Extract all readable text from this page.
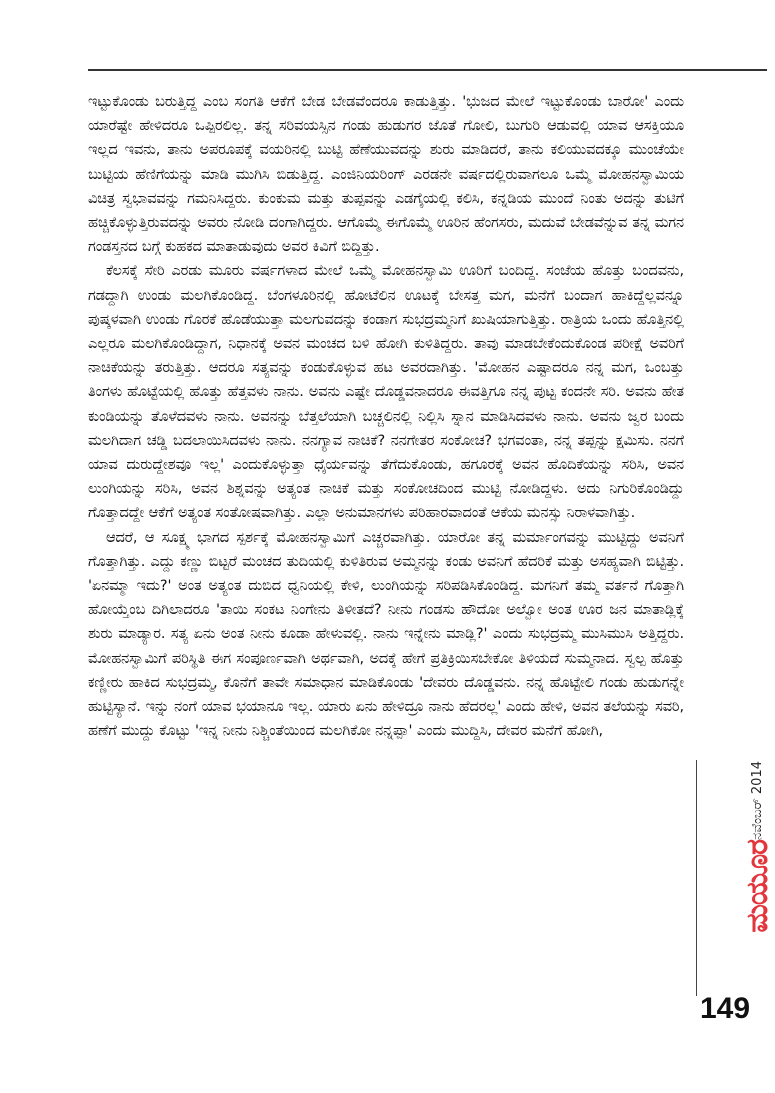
ಇಟ್ಟುಕೊಂಡು ಬರುತ್ತಿದ್ದ ಎಂಬ ಸಂಗತಿ ಆಕೆಗೆ ಬೇಡ ಬೇಡವೆಂದರೂ ಕಾಡುತ್ತಿತ್ತು. 'ಭುಜದ ಮೇಲೆ ಇಟ್ಟುಕೊಂಡು ಬಾರೋ' ಎಂದು ಯಾರೆಷ್ಟೇ ಹೇಳಿದರೂ ಒಪ್ಪಿರಲಿಲ್ಲ. ತನ್ನ ಸರಿವಯಸ್ಸಿನ ಗಂಡು ಹುಡುಗರ ಜೊತೆ ಗೋಲಿ, ಬುಗುರಿ ಆಡುವಲ್ಲಿ ಯಾವ ಆಸಕ್ತಿಯೂ ಇಲ್ಲದ ಇವನು, ತಾನು ಅಪರೂಪಕ್ಕೆ ವಯರಿನಲ್ಲಿ ಬುಟ್ಟಿ ಹೆಣೆಯುವದನ್ನು ಶುರು ಮಾಡಿದರೆ, ತಾನು ಕಲಿಯುವದಕ್ಕೂ ಮುಂಚೆಯೇ ಬುಟ್ಟಿಯ ಹೆಣಿಗೆಯನ್ನು ಮಾಡಿ ಮುಗಿಸಿ ಬಿಡುತ್ತಿದ್ದ. ಎಂಜಿನಿಯರಿಂಗ್ ಎರಡನೇ ವರ್ಷದಲ್ಲಿರುವಾಗಲೂ ಒಮ್ಮೆ ಮೋಹನಸ್ವಾಮಿಯ ವಿಚಿತ್ರ ಸ್ವಭಾವವನ್ನು ಗಮನಿಸಿದ್ದರು. ಕುಂಕುಮ ಮತ್ತು ತುಪ್ಪವನ್ನು ಎಡಗೈಯಲ್ಲಿ ಕಲಿಸಿ, ಕನ್ನಡಿಯ ಮುಂದೆ ನಿಂತು ಅದನ್ನು ತುಟಿಗೆ ಹಚ್ಚಿಕೊಳ್ಳುತ್ತಿರುವದನ್ನು ಅವರು ನೋಡಿ ದಂಗಾಗಿದ್ದರು. ಆಗೊಮ್ಮೆ ಈಗೊಮ್ಮೆ ಊರಿನ ಹೆಂಗಸರು, ಮದುವೆ ಬೇಡವೆನ್ನುವ ತನ್ನ ಮಗನ ಗಂಡಸ್ತನದ ಬಗ್ಗೆ ಕುಹಕದ ಮಾತಾಡುವುದು ಅವರ ಕಿವಿಗೆ ಬಿದ್ದಿತ್ತು.

ಕೆಲಸಕ್ಕೆ ಸೇರಿ ಎರಡು ಮೂರು ವರ್ಷಗಳಾದ ಮೇಲೆ ಒಮ್ಮೆ ಮೋಹನಸ್ವಾಮಿ ಊರಿಗೆ ಬಂದಿದ್ದ. ಸಂಜೆಯ ಹೊತ್ತು ಬಂದವನು, ಗಡದ್ದಾಗಿ ಉಂಡು ಮಲಗಿಕೊಂಡಿದ್ದ. ಬೆಂಗಳೂರಿನಲ್ಲಿ ಹೋಟೆಲಿನ ಊಟಕ್ಕೆ ಬೇಸತ್ತ ಮಗ, ಮನೆಗೆ ಬಂದಾಗ ಹಾಕಿದ್ದೆಲ್ಲವನ್ನೂ ಪುಷ್ಕಳವಾಗಿ ಉಂಡು ಗೊರಕೆ ಹೊಡೆಯುತ್ತಾ ಮಲಗುವದನ್ನು ಕಂಡಾಗ ಸುಭದ್ರಮ್ಮನಿಗೆ ಖುಷಿಯಾಗುತ್ತಿತ್ತು. ರಾತ್ರಿಯ ಒಂದು ಹೊತ್ತಿನಲ್ಲಿ ಎಲ್ಲರೂ ಮಲಗಿಕೊಂಡಿದ್ದಾಗ, ನಿಧಾನಕ್ಕೆ ಅವನ ಮಂಚದ ಬಳಿ ಹೋಗಿ ಕುಳಿತಿದ್ದರು. ತಾವು ಮಾಡಬೇಕೆಂದುಕೊಂಡ ಪರೀಕ್ಷೆ ಅವರಿಗೆ ನಾಚಿಕೆಯನ್ನು ತರುತ್ತಿತ್ತು. ಆದರೂ ಸತ್ಯವನ್ನು ಕಂಡುಕೊಳ್ಳುವ ಹಟ ಅವರದಾಗಿತ್ತು. 'ಮೋಹನ ಎಷ್ಟಾದರೂ ನನ್ನ ಮಗ, ಒಂಬತ್ತು ತಿಂಗಳು ಹೊಟ್ಟೆಯಲ್ಲಿ ಹೊತ್ತು ಹೆತ್ತವಳು ನಾನು. ಅವನು ಎಷ್ಟೇ ದೊಡ್ಡವನಾದರೂ ಈವತ್ತಿಗೂ ನನ್ನ ಪುಟ್ಟ ಕಂದನೇ ಸರಿ. ಅವನು ಹೇತ ಕುಂಡಿಯನ್ನು ತೊಳೆದವಳು ನಾನು. ಅವನನ್ನು ಬೆತ್ತಲೆಯಾಗಿ ಬಚ್ಚಲಿನಲ್ಲಿ ನಿಲ್ಲಿಸಿ ಸ್ನಾನ ಮಾಡಿಸಿದವಳು ನಾನು. ಅವನು ಜ್ವರ ಬಂದು ಮಲಗಿದಾಗ ಚಡ್ಡಿ ಬದಲಾಯಿಸಿದವಳು ನಾನು. ನನಗ್ಯಾವ ನಾಚಿಕೆ? ನನಗೇತರ ಸಂಕೋಚ? ಭಗವಂತಾ, ನನ್ನ ತಪ್ಪನ್ನು ಕ್ಷಮಿಸು. ನನಗೆ ಯಾವ ದುರುದ್ದೇಶವೂ ಇಲ್ಲ' ಎಂದುಕೊಳ್ಳುತ್ತಾ ಧೈರ್ಯವನ್ನು ತೆಗೆದುಕೊಂಡು, ಹಗೂರಕ್ಕೆ ಅವನ ಹೊದಿಕೆಯನ್ನು ಸರಿಸಿ, ಅವನ ಲುಂಗಿಯನ್ನು ಸರಿಸಿ, ಅವನ ಶಿಶ್ನವನ್ನು ಅತ್ಯಂತ ನಾಚಿಕೆ ಮತ್ತು ಸಂಕೋಚದಿಂದ ಮುಟ್ಟಿ ನೋಡಿದ್ದಳು. ಅದು ನಿಗುರಿಕೊಂಡಿದ್ದು ಗೊತ್ತಾದದ್ದೇ ಆಕೆಗೆ ಅತ್ಯಂತ ಸಂತೋಷವಾಗಿತ್ತು. ಎಲ್ಲಾ ಅನುಮಾನಗಳು ಪರಿಹಾರವಾದಂತೆ ಆಕೆಯ ಮನಸ್ಸು ನಿರಾಳವಾಗಿತ್ತು.

ಆದರೆ, ಆ ಸೂಕ್ಷ್ಮ ಭಾಗದ ಸ್ಪರ್ಶಕ್ಕೆ ಮೋಹನಸ್ವಾಮಿಗೆ ಎಚ್ಚರವಾಗಿತ್ತು. ಯಾರೋ ತನ್ನ ಮರ್ಮಾಂಗವನ್ನು ಮುಟ್ಟಿದ್ದು ಅವನಿಗೆ ಗೊತ್ತಾಗಿತ್ತು. ಎದ್ದು ಕಣ್ಣು ಬಿಟ್ಟರೆ ಮಂಚದ ತುದಿಯಲ್ಲಿ ಕುಳಿತಿರುವ ಅಮ್ಮನನ್ನು ಕಂಡು ಅವನಿಗೆ ಹೆದರಿಕೆ ಮತ್ತು ಅಸಹ್ಯವಾಗಿ ಬಿಟ್ಟಿತ್ತು. 'ಏನಮ್ಮಾ ಇದು?' ಅಂತ ಅತ್ಯಂತ ದುಬಿದ ಧ್ವನಿಯಲ್ಲಿ ಕೇಳಿ, ಲುಂಗಿಯನ್ನು ಸರಿಪಡಿಸಿಕೊಂಡಿದ್ದ. ಮಗನಿಗೆ ತಮ್ಮ ವರ್ತನೆ ಗೊತ್ತಾಗಿ ಹೋಯ್ತೆಂಬ ದಿಗಿಲಾದರೂ 'ತಾಯಿ ಸಂಕಟ ನಿಂಗೇನು ತಿಳೀತದೆ? ನೀನು ಗಂಡಸು ಹೌದೋ ಅಲ್ವೋ ಅಂತ ಊರ ಜನ ಮಾತಾಡ್ಲಿಕ್ಕೆ ಶುರು ಮಾಡ್ಯಾರ. ಸತ್ಯ ಏನು ಅಂತ ನೀನು ಕೂಡಾ ಹೇಳುವಲ್ಲಿ. ನಾನು ಇನ್ನೇನು ಮಾಡ್ಲಿ?' ಎಂದು ಸುಭದ್ರಮ್ಮ ಮುಸಿಮುಸಿ ಅತ್ತಿದ್ದರು. ಮೋಹನಸ್ವಾಮಿಗೆ ಪರಿಸ್ಥಿತಿ ಈಗ ಸಂಪೂರ್ಣವಾಗಿ ಅರ್ಥವಾಗಿ, ಅದಕ್ಕೆ ಹೇಗೆ ಪ್ರತಿಕ್ರಿಯಿಸಬೇಕೋ ತಿಳಿಯದೆ ಸುಮ್ಮನಾದ. ಸ್ವಲ್ಪ ಹೊತ್ತು ಕಣ್ಣೀರು ಹಾಕಿದ ಸುಭದ್ರಮ್ಮ, ಕೊನೆಗೆ ತಾವೇ ಸಮಾಧಾನ ಮಾಡಿಕೊಂಡು 'ದೇವರು ದೊಡ್ಡವನು. ನನ್ನ ಹೊಟ್ಟೇಲಿ ಗಂಡು ಹುಡುಗನ್ನೇ ಹುಟ್ಟಿಸ್ಯಾನೆ. ಇನ್ನು ನಂಗೆ ಯಾವ ಭಯಾನೂ ಇಲ್ಲ. ಯಾರು ಏನು ಹೇಳಿದ್ರೂ ನಾನು ಹೆದರಲ್ಲ' ಎಂದು ಹೇಳಿ, ಅವನ ತಲೆಯನ್ನು ಸವರಿ, ಹಣೆಗೆ ಮುದ್ದು ಕೊಟ್ಟು 'ಇನ್ನ ನೀನು ನಿಶ್ಚಿಂತೆಯಿಂದ ಮಲಗಿಕೋ ನನ್ನಪ್ಪಾ' ಎಂದು ಮುದ್ದಿಸಿ, ದೇವರ ಮನೆಗೆ ಹೋಗಿ,

ಮಯೂರ
ನವೆಂಬರ್ 2014
149
